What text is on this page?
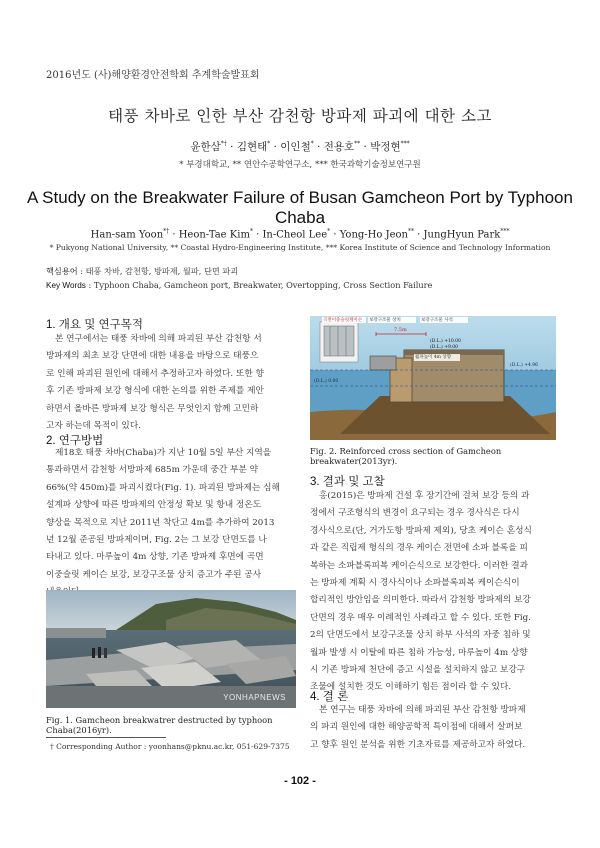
2016년도 (사)해양환경안전학회 추계학술발표회
태풍 차바로 인한 부산 감천항 방파제 파괴에 대한 소고
윤한삼*† · 김현태* · 이인철* · 전용호** · 박정현***
* 부경대학교, ** 연안수공학연구소, *** 한국과학기술정보연구원
A Study on the Breakwater Failure of Busan Gamcheon Port by Typhoon Chaba
Han-sam Yoon*† · Heon-Tae Kim* · In-Cheol Lee* · Yong-Ho Jeon** · JungHyun Park***
* Pukyong National University, ** Coastal Hydro-Engineering Institute, *** Korea Institute of Science and Technology Information
핵심용어 : 태풍 차바, 감천항, 방파제, 월파, 단면 파괴
Key Words : Typhoon Chaba, Gamcheon port, Breakwater, Overtopping, Cross Section Failure
1. 개요 및 연구목적
본 연구에서는 태풍 차바에 의해 파괴된 부산 감천항 서
방파제의 최초 보강 단면에 대한 내용을 바탕으로 태풍으
로 인해 파괴된 원인에 대해서 추정하고자 하였다. 또한 향
후 기존 방파제 보강 형식에 대한 논의를 위한 주제를 제안
하면서 올바른 방파제 보강 형식은 무엇인지 함께 고민하
고자 하는데 목적이 있다.
2. 연구방법
제18호 태풍 차바(Chaba)가 지난 10월 5일 부산 지역을
통과하면서 감천항 서방파제 685m 가운데 중간 부분 약
66%(약 450m)를 파괴시켰다(Fig. 1). 파괴된 방파제는 심해
설계파 상향에 따른 방파제의 안정성 확보 및 항내 정온도
향상을 목적으로 지난 2011년 착단고 4m를 추가하여 2013
년 12월 준공된 방파제이며, Fig. 2는 그 보강 단면도를 나
타내고 있다. 마루높이 4m 상향, 기존 방파제 후면에 곡면
이중슬릿 케이슨 보강, 보강구조물 상치 증고가 주된 공사
YONHAPNEWS
Fig. 1. Gamcheon breakwatrer destructed by typhoon Chaba(2016yr).
† Corresponding Author : yoonhans@pknu.ac.kr, 051-629-7375
곡면이중슬릿케이슨 보강구조물 상치	보강구조물 사석
7.5m
(D.L.) +10.00
(D.L.) +9.00
월파높이 4m 상향
(D.L.) +4.96
(D.L.) 0.00
Fig. 2. Reinforced cross section of Gamcheon breakwater(2013yr).
3. 결과 및 고찰
홍(2015)은 방파제 건설 후 장기간에 걸쳐 보강 등의 과
정에서 구조형식의 변경이 요구되는 경우 경사식은 다시
경사식으로(단, 거가도항 방파제 제외), 당초 케이슨 혼성식
과 같은 직립제 형식의 경우 케이슨 전면에 소파 블록을 피
복하는 소파블록피복 케이슨식으로 보강한다. 이러한 결과
는 방파제 계획 시 경사식이나 소파블록피복 케이슨식이
합리적인 방안임을 의미한다. 따라서 감천항 방파제의 보강
단면의 경우 매우 이례적인 사례라고 할 수 있다. 또한 Fig.
2의 단면도에서 보강구조물 상치 하부 사석의 자중 침하 및
월파 발생 시 이탈에 따른 침하 가능성, 마루높이 4m 상향
시 기존 방파제 천단에 증고 시설을 설치하지 않고 보강구
조물에 설치한 것도 이해하기 힘든 점이라 할 수 있다.
4. 결 론
본 연구는 태풍 차바에 의해 파괴된 부산 감천항 방파제
의 파괴 원인에 대한 해양공학적 특이점에 대해서 살펴보
고 향후 원인 분석을 위한 기초자료를 제공하고자 하였다.
- 102 -
